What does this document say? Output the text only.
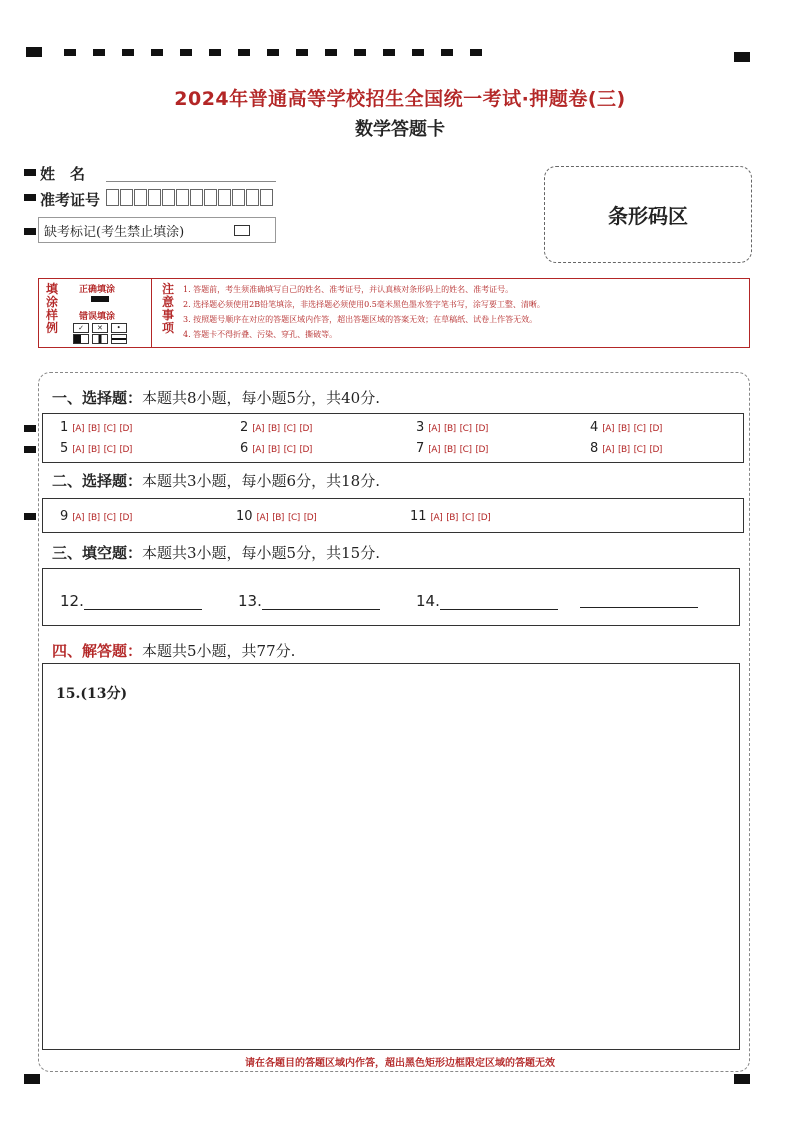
2024年普通高等学校招生全国统一考试·押题卷(三)
数学答题卡
姓　名
准考证号
缺考标记(考生禁止填涂)
条形码区
填
涂
样
例
正确填涂
错误填涂
✓ ✕ •

注
意
事
项
1. 答题前，考生须准确填写自己的姓名、准考证号，并认真核对条形码上的姓名、准考证号。
2. 选择题必须使用2B铅笔填涂，非选择题必须使用0.5毫米黑色墨水签字笔书写，涂写要工整、清晰。
3. 按照题号顺序在对应的答题区域内作答，超出答题区域的答案无效；在草稿纸、试卷上作答无效。
4. 答题卡不得折叠、污染、穿孔、撕破等。
一、选择题：本题共8小题，每小题5分，共40分.
1 [A] [B] [C] [D]	2 [A] [B] [C] [D]	3 [A] [B] [C] [D]	4 [A] [B] [C] [D]
5 [A] [B] [C] [D]	6 [A] [B] [C] [D]	7 [A] [B] [C] [D]	8 [A] [B] [C] [D]
二、选择题：本题共3小题，每小题6分，共18分.
9 [A] [B] [C] [D]	10 [A] [B] [C] [D]	11 [A] [B] [C] [D]
三、填空题：本题共3小题，每小题5分，共15分.
12.	13.	14.
四、解答题：本题共5小题，共77分.
15.(13分)
请在各题目的答题区域内作答，超出黑色矩形边框限定区域的答题无效
